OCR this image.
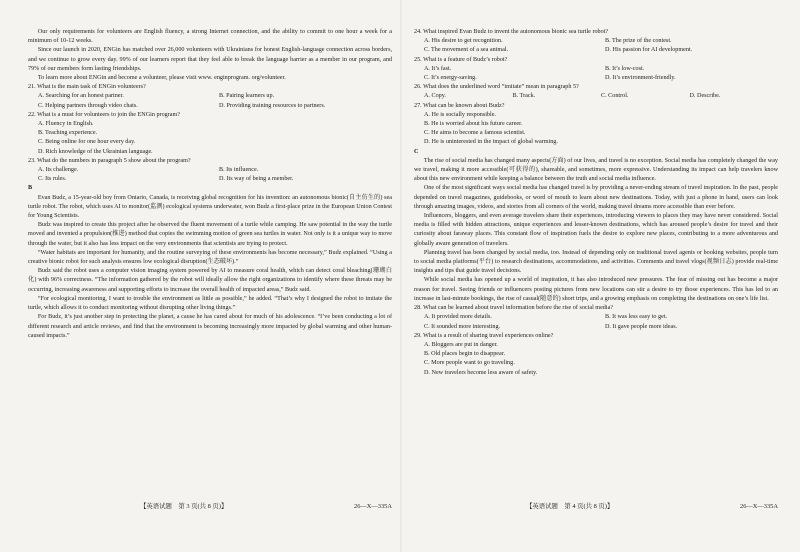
Our only requirements for volunteers are English fluency, a strong Internet connection, and the ability to commit to one hour a week for a minimum of 10-12 weeks.

Since our launch in 2020, ENGin has matched over 26,000 volunteers with Ukrainians for honest English-language connection across borders, and we continue to grow every day. 99% of our learners report that they feel able to break the language barrier as a member in our program, and 79% of our members form lasting friendships.

To learn more about ENGin and become a volunteer, please visit www. enginprogram. org/volunteer.

21. What is the main task of ENGin volunteers?

A. Searching for an honest partner.	B. Pairing learners up.
C. Helping partners through video chats.	D. Providing training resources to partners.

22. What is a must for volunteers to join the ENGin program?

A. Fluency in English.
B. Teaching experience.
C. Being online for one hour every day.
D. Rich knowledge of the Ukrainian language.

23. What do the numbers in paragraph 5 show about the program?

A. Its challenge.	B. Its influence.
C. Its rules.	D. Its way of being a member.

B

Evan Budz, a 15-year-old boy from Ontario, Canada, is receiving global recognition for his invention: an autonomous bionic(自主仿生的) sea turtle robot. The robot, which uses AI to monitor(监测) ecological systems underwater, won Budz a first-place prize in the European Union Contest for Young Scientists.

Budz was inspired to create this project after he observed the fluent movement of a turtle while camping. He saw potential in the way the turtle moved and invented a propulsion(推进) method that copies the swimming motion of green sea turtles in water. Not only is it a unique way to move through the water, but it also has less impact on the very environments that scientists are trying to protect.

“Water habitats are important for humanity, and the routine surveying of these environments has become necessary,” Budz explained. “Using a creative bionic robot for such analysis ensures low ecological disruption(生态破坏).”

Budz said the robot uses a computer vision imaging system powered by AI to measure coral health, which can detect coral bleaching(珊瑚白化) with 96% correctness. “The information gathered by the robot will ideally allow the right organizations to identify where these threats may be occurring, increasing awareness and supporting efforts to increase the overall health of impacted areas,” Budz said.

“For ecological monitoring, I want to trouble the environment as little as possible,” he added. “That’s why I designed the robot to imitate the turtle, which allows it to conduct monitoring without disrupting other living things.”

For Budz, it’s just another step in protecting the planet, a cause he has cared about for much of his adolescence. “I’ve been conducting a lot of different research and article reviews, and find that the environment is becoming increasingly more impacted by global warming and other human-caused impacts.”

【英语试题　第 3 页(共 8 页)】	26—X—335A

24. What inspired Evan Budz to invent the autonomous bionic sea turtle robot?

A. His desire to get recognition.	B. The prize of the contest.
C. The movement of a sea animal.	D. His passion for AI development.

25. What is a feature of Budz’s robot?

A. It’s fast.	B. It’s low-cost.
C. It’s energy-saving.	D. It’s environment-friendly.

26. What does the underlined word “imitate” mean in paragraph 5?

A. Copy.	B. Track.	C. Control.	D. Describe.

27. What can be known about Budz?

A. He is socially responsible.
B. He is worried about his future career.
C. He aims to become a famous scientist.
D. He is uninterested in the impact of global warming.

C

The rise of social media has changed many aspects(方面) of our lives, and travel is no exception. Social media has completely changed the way we travel, making it more accessible(可获得的), shareable, and sometimes, more expressive. Understanding its impact can help travelers know about this new environment while keeping a balance between the truth and social media influence.

One of the most significant ways social media has changed travel is by providing a never-ending stream of travel inspiration. In the past, people depended on travel magazines, guidebooks, or word of mouth to learn about new destinations. Today, with just a phone in hand, users can look through amazing images, videos, and stories from all corners of the world, making travel dreams more accessible than ever before.

Influencers, bloggers, and even average travelers share their experiences, introducing viewers to places they may have never considered. Social media is filled with hidden attractions, unique experiences and lesser-known destinations, which has aroused people’s desire for travel and their curiosity about faraway places. This constant flow of inspiration fuels the desire to explore new places, contributing to a more adventurous and globally aware generation of travelers.

Planning travel has been changed by social media, too. Instead of depending only on traditional travel agents or booking websites, people turn to social media platforms(平台) to research destinations, accommodations, and activities. Comments and travel vlogs(视频日志) provide real-time insights and tips that guide travel decisions.

While social media has opened up a world of inspiration, it has also introduced new pressures. The fear of missing out has become a major reason for travel. Seeing friends or influencers posting pictures from new locations can stir a desire to try those experiences. This has led to an increase in last-minute bookings, the rise of casual(随意的) short trips, and a growing emphasis on completing the destinations on one’s life list.

28. What can be learned about travel information before the rise of social media?

A. It provided more details.	B. It was less easy to get.
C. It sounded more interesting.	D. It gave people more ideas.

29. What is a result of sharing travel experiences online?

A. Bloggers are put in danger.
B. Old places begin to disappear.
C. More people want to go traveling.
D. New travelers become less aware of safety.
【英语试题　第 4 页(共 8 页)】	26—X—335A
